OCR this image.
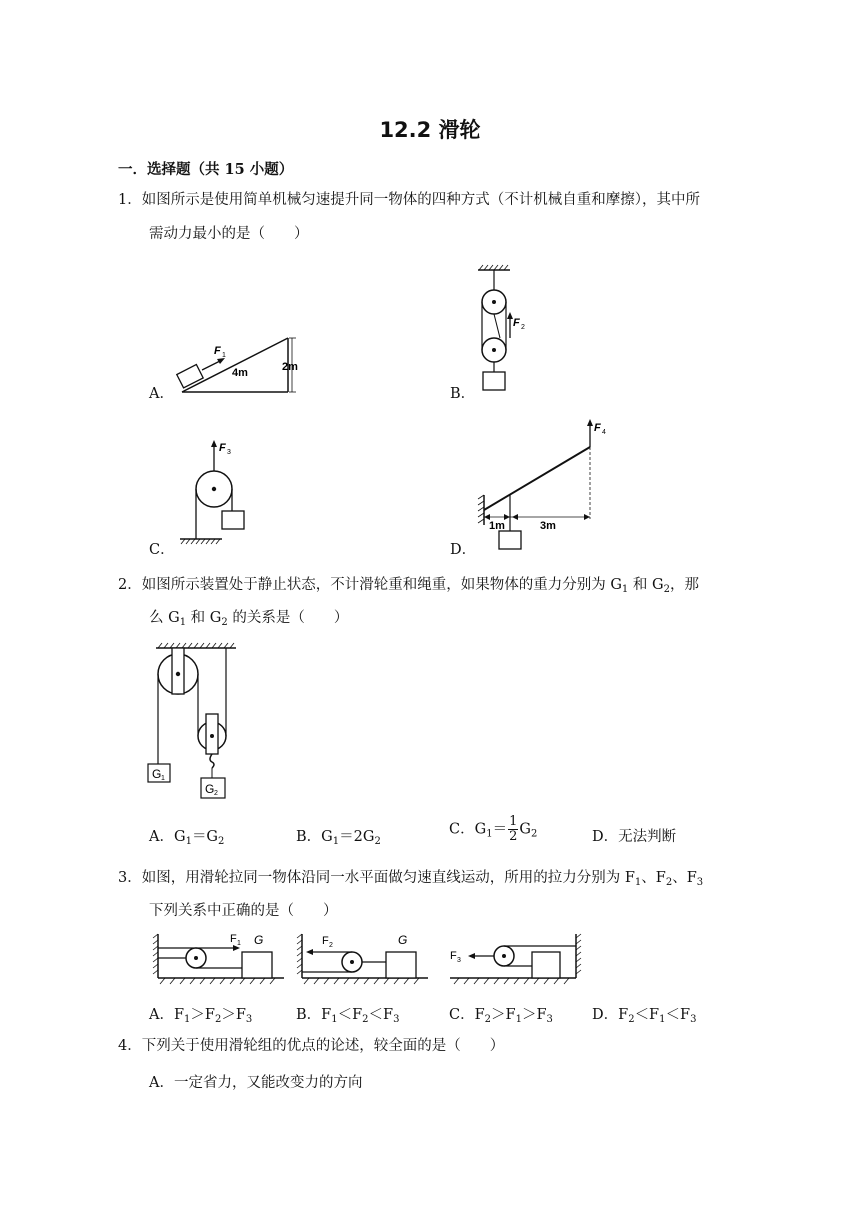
12.2 滑轮
一．选择题（共 15 小题）
1．如图所示是使用简单机械匀速提升同一物体的四种方式（不计机械自重和摩擦），其中所
需动力最小的是（　　）
A．	B．
C．	D．
F 1
4m	2m
F 2
F 3
F 4
1m	3m
2．如图所示装置处于静止状态，不计滑轮重和绳重，如果物体的重力分别为 $G_1$ 和 $G_2$，那
么 $G_1$ 和 $G_2$ 的关系是（　　）
G 1
G 2
A．$G_1=G_2$	B．$G_1=2G_2$
C．$G_1= \frac{1}{2} G_2$	D．无法判断
3．如图，用滑轮拉同一物体沿同一水平面做匀速直线运动，所用的拉力分别为 $F_1$、$F_2$、$F_3$
下列关系中正确的是（　　）
F 1 G	F 2	G
F 3
A．$F_1>F_2>F_3$	B．$F_1<F_2<F_3$	C．$F_2>F_1>F_3$	D．$F_2<F_1<F_3$
4．下列关于使用滑轮组的优点的论述，较全面的是（　　）
A．一定省力，又能改变力的方向
